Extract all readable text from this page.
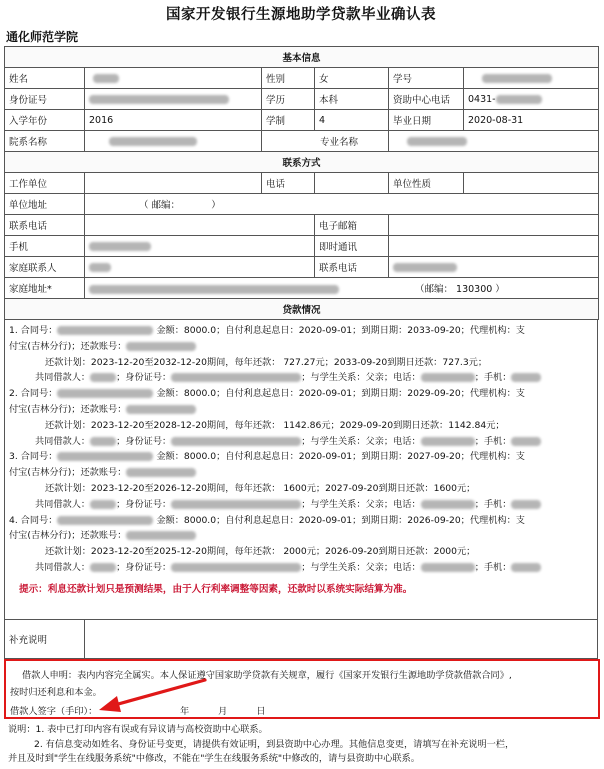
国家开发银行生源地助学贷款毕业确认表
通化师范学院
基本信息					
姓名		性别	女	学号	
身份证号		学历	本科	资助中心电话	0431-
入学年份	2016	学制	4	毕业日期	2020-08-31
院系名称		专业名称			
联系方式					
工作单位		电话		单位性质	
单位地址	（ 邮编： ）				
联系电话			电子邮箱		
手机			即时通讯		
家庭联系人			联系电话		
家庭地址*	（邮编： 130300 ）				
贷款情况					
1. 合同号：	金额：8000.0；自付利息起息日：2020-09-01；到期日期：2033-09-20；代理机构：支
付宝(吉林分行)；还款账号：
还款计划：2023-12-20至2032-12-20期间，每年还款： 727.27元；2033-09-20到期日还款：727.3元；
共同借款人：	；身份证号：	；与学生关系：父亲；电话：	；手机：
2. 合同号：	金额：8000.0；自付利息起息日：2020-09-01；到期日期：2029-09-20；代理机构：支
付宝(吉林分行)；还款账号：
还款计划：2023-12-20至2028-12-20期间，每年还款： 1142.86元；2029-09-20到期日还款：1142.84元；
共同借款人：	；身份证号：	；与学生关系：父亲；电话：	；手机：
3. 合同号：	金额：8000.0；自付利息起息日：2020-09-01；到期日期：2027-09-20；代理机构：支
付宝(吉林分行)；还款账号：
还款计划：2023-12-20至2026-12-20期间，每年还款： 1600元；2027-09-20到期日还款：1600元；
共同借款人：	；身份证号：	；与学生关系：父亲；电话：	；手机：
4. 合同号：	金额：8000.0；自付利息起息日：2020-09-01；到期日期：2026-09-20；代理机构：支
付宝(吉林分行)；还款账号：
还款计划：2023-12-20至2025-12-20期间，每年还款： 2000元；2026-09-20到期日还款：2000元；
共同借款人：	；身份证号：	；与学生关系：父亲；电话：	；手机：
提示：利息还款计划只是预测结果，由于人行利率调整等因素，还款时以系统实际结算为准。
补充说明
借款人申明：表内内容完全属实。本人保证遵守国家助学贷款有关规章，履行《国家开发银行生源地助学贷款借款合同》,
按时归还利息和本金。
借款人签字（手印）：	年 月 日
说明：1. 表中已打印内容有误或有异议请与高校资助中心联系。
2. 有信息变动如姓名、身份证号变更，请提供有效证明，到县资助中心办理。其他信息变更，请填写在补充说明一栏，
并且及时到"学生在线服务系统"中修改，不能在"学生在线服务系统"中修改的，请与县资助中心联系。
